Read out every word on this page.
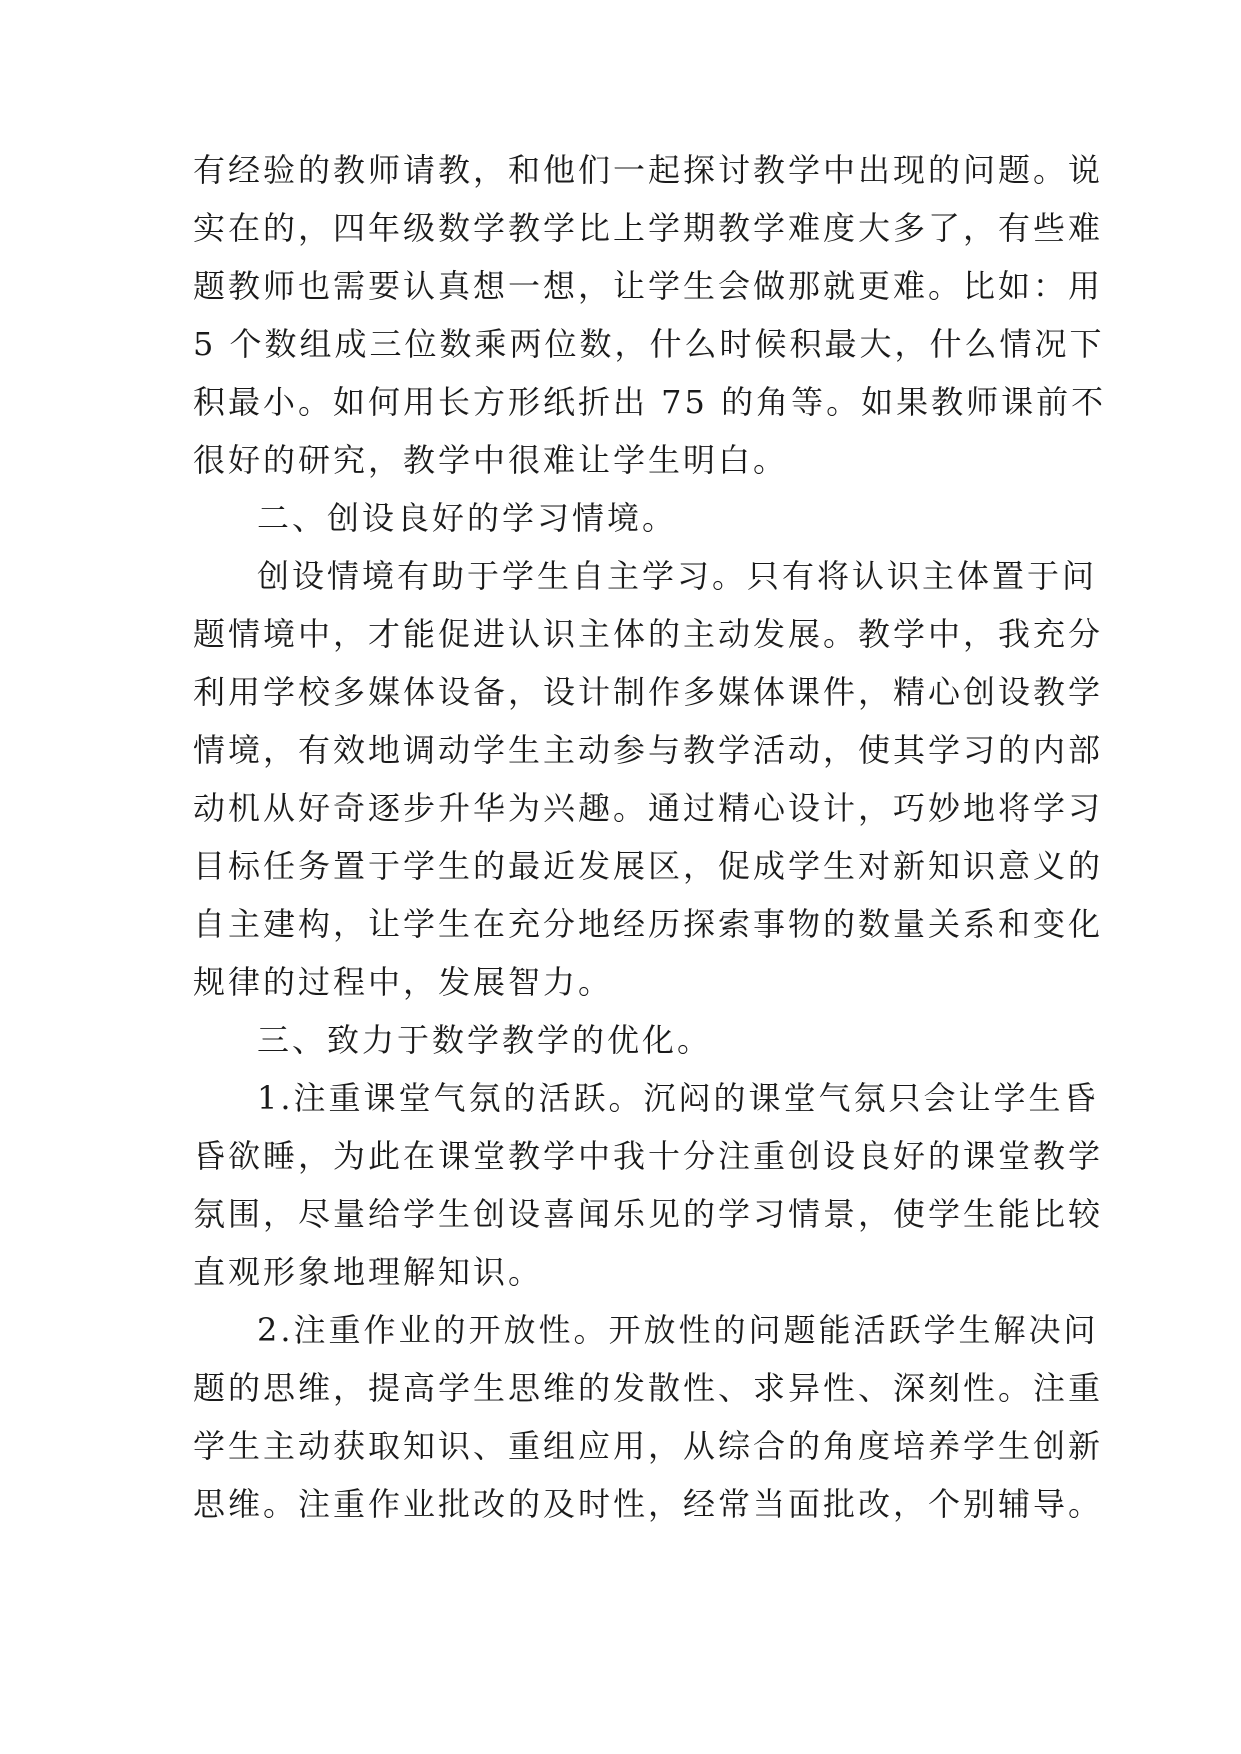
有经验的教师请教，和他们一起探讨教学中出现的问题。说
实在的，四年级数学教学比上学期教学难度大多了，有些难
题教师也需要认真想一想，让学生会做那就更难。比如：用
5 个数组成三位数乘两位数，什么时候积最大，什么情况下
积最小。如何用长方形纸折出 75 的角等。如果教师课前不
很好的研究，教学中很难让学生明白。
二、创设良好的学习情境。
创设情境有助于学生自主学习。只有将认识主体置于问
题情境中，才能促进认识主体的主动发展。教学中，我充分
利用学校多媒体设备，设计制作多媒体课件，精心创设教学
情境，有效地调动学生主动参与教学活动，使其学习的内部
动机从好奇逐步升华为兴趣。通过精心设计，巧妙地将学习
目标任务置于学生的最近发展区，促成学生对新知识意义的
自主建构，让学生在充分地经历探索事物的数量关系和变化
规律的过程中，发展智力。
三、致力于数学教学的优化。
1.注重课堂气氛的活跃。沉闷的课堂气氛只会让学生昏
昏欲睡，为此在课堂教学中我十分注重创设良好的课堂教学
氛围，尽量给学生创设喜闻乐见的学习情景，使学生能比较
直观形象地理解知识。
2.注重作业的开放性。开放性的问题能活跃学生解决问
题的思维，提高学生思维的发散性、求异性、深刻性。注重
学生主动获取知识、重组应用，从综合的角度培养学生创新
思维。注重作业批改的及时性，经常当面批改，个别辅导。
